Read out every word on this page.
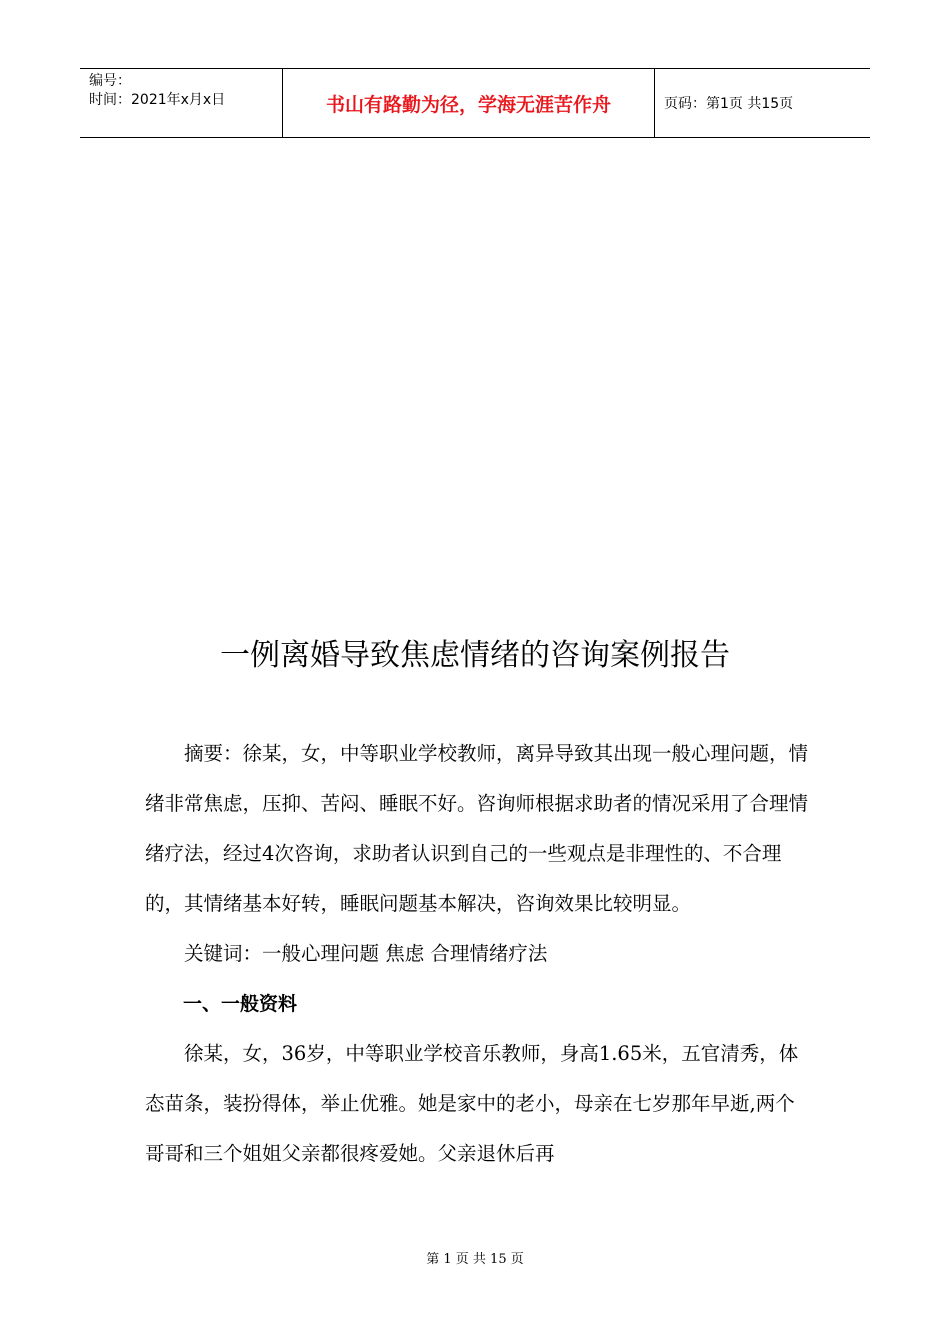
编号：
时间：2021年x月x日	书山有路勤为径，学海无涯苦作舟	页码：第1页 共15页
一例离婚导致焦虑情绪的咨询案例报告

摘要：徐某，女，中等职业学校教师，离异导致其出现一般心理问题，情绪非常焦虑，压抑、苦闷、睡眠不好。咨询师根据求助者的情况采用了合理情绪疗法，经过4次咨询，求助者认识到自己的一些观点是非理性的、不合理的，其情绪基本好转，睡眠问题基本解决，咨询效果比较明显。

关键词：一般心理问题 焦虑 合理情绪疗法

一、一般资料

徐某，女，36岁，中等职业学校音乐教师，身高1.65米，五官清秀，体态苗条，装扮得体，举止优雅。她是家中的老小，母亲在七岁那年早逝,两个哥哥和三个姐姐父亲都很疼爱她。父亲退休后再

第 1 页 共 15 页
